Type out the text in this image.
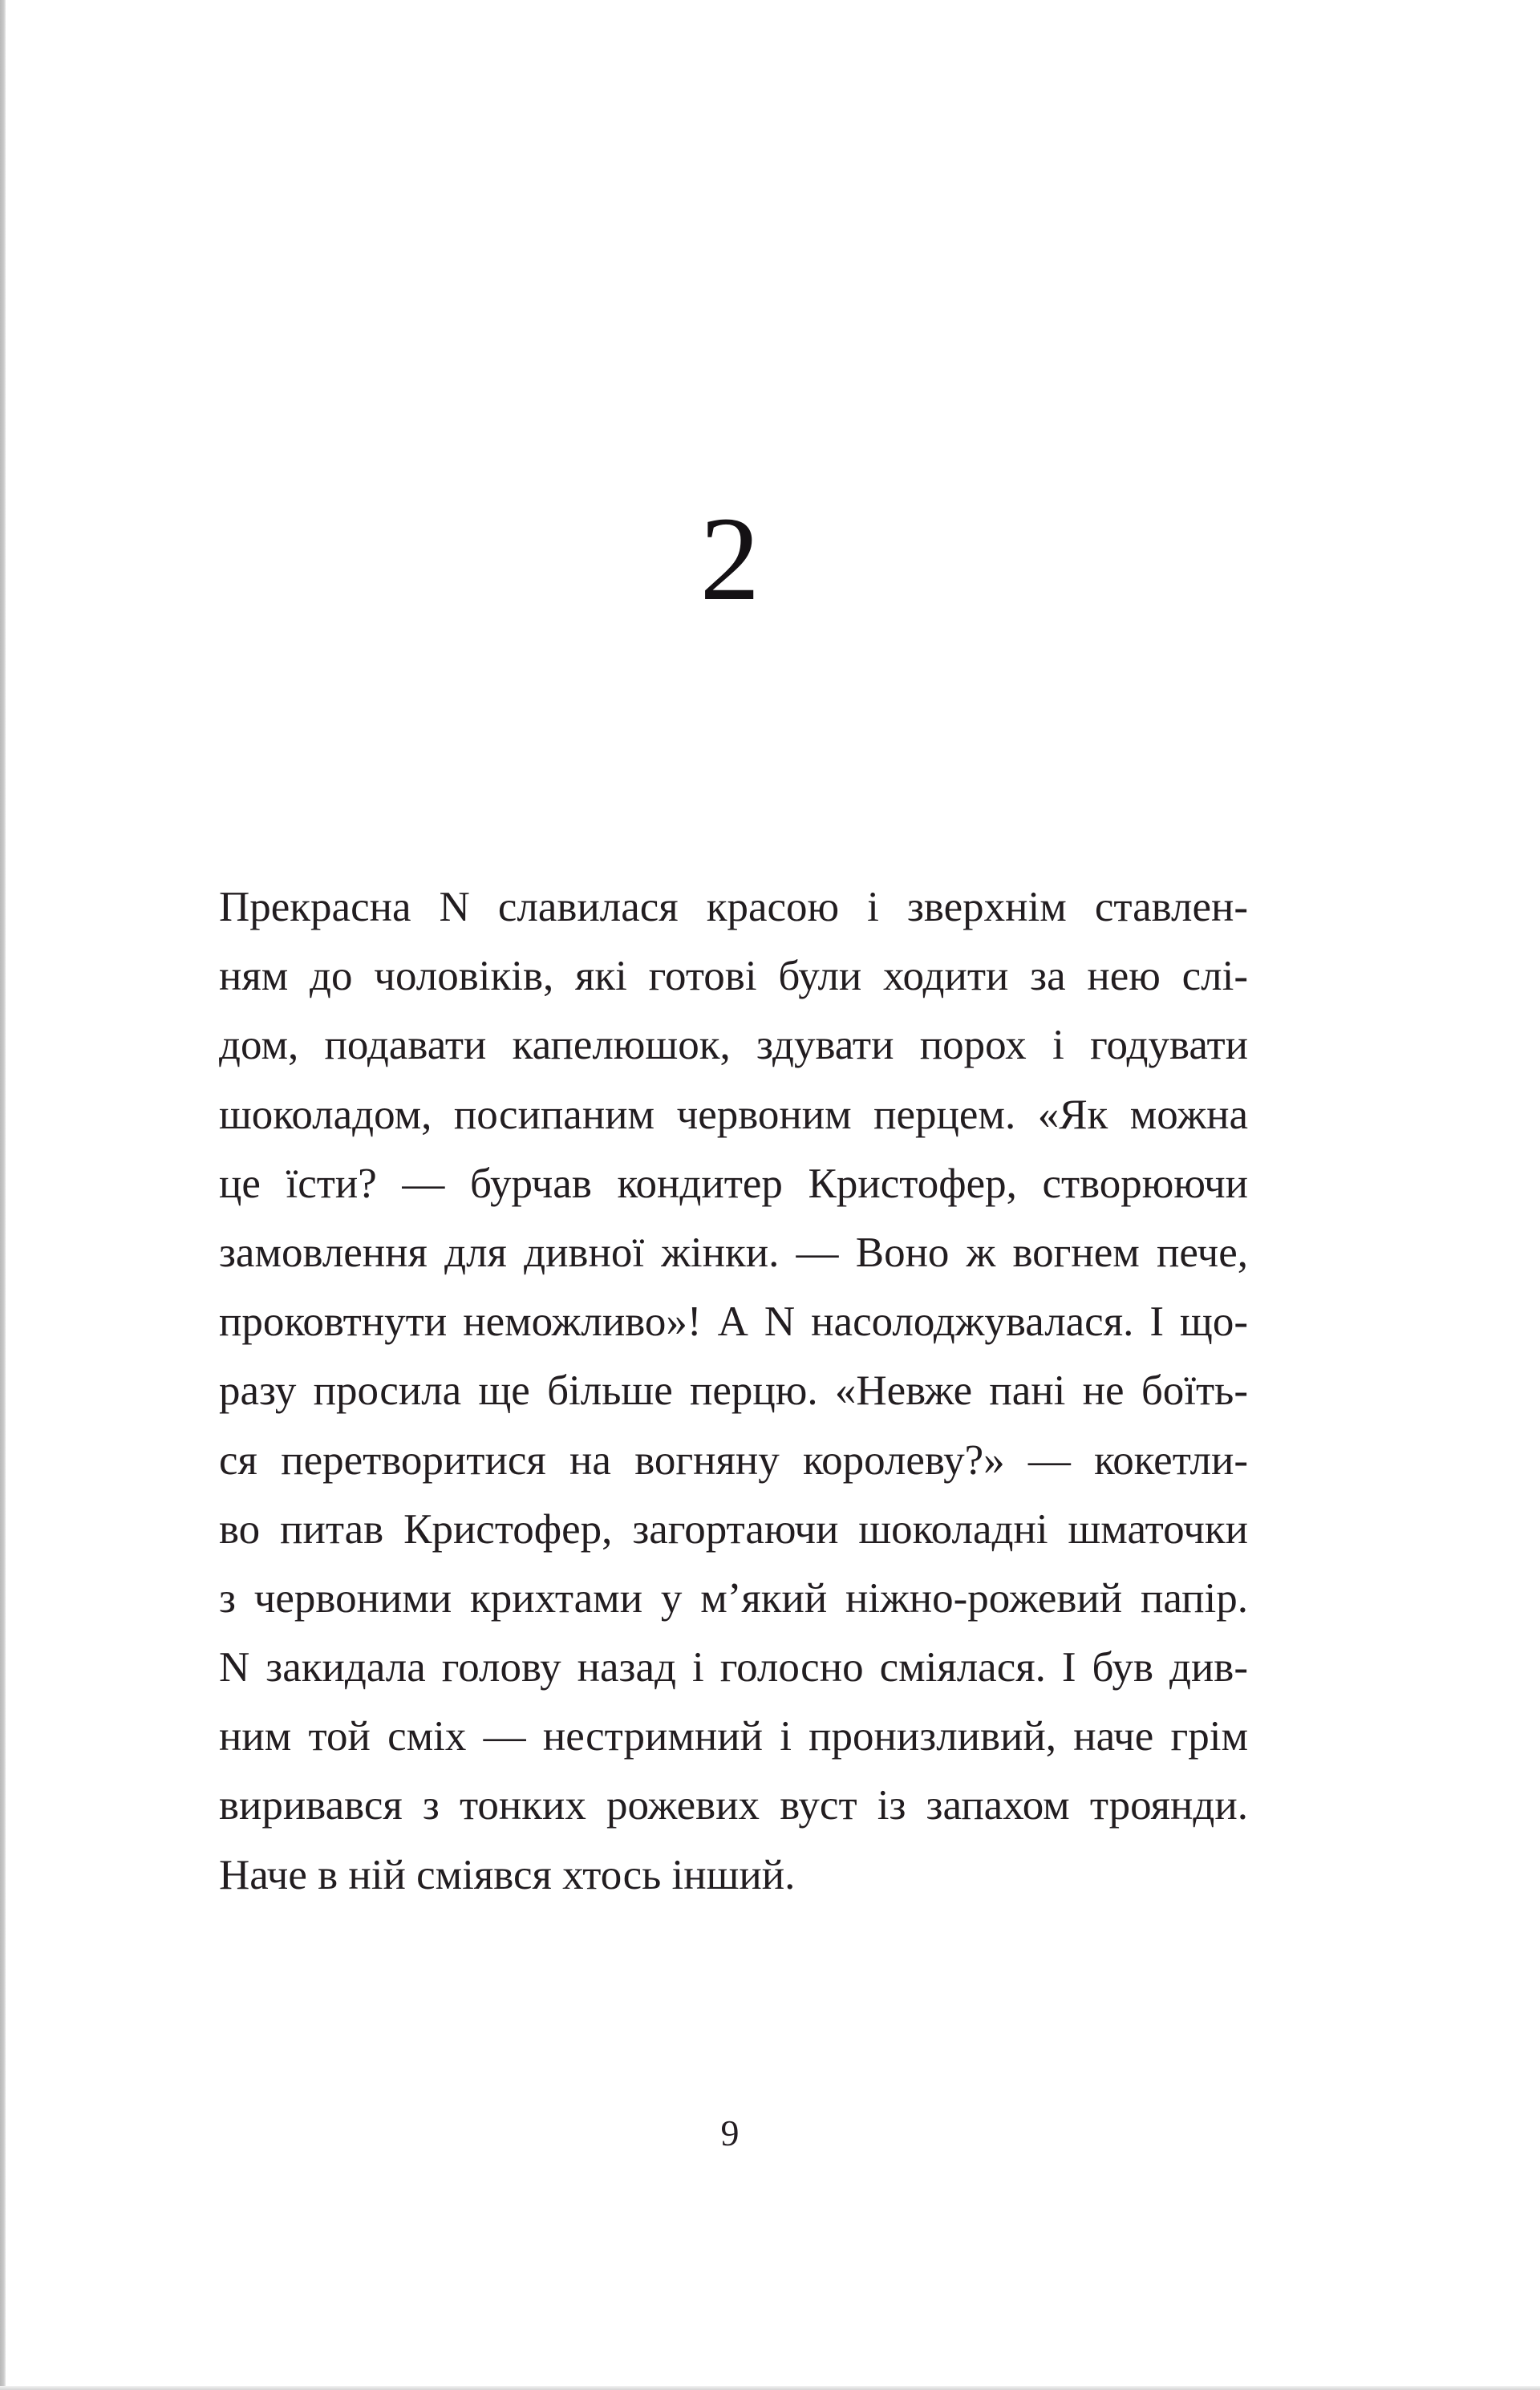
2
Прекрасна N славилася красою і зверхнім ставлен-
ням до чоловіків, які готові були ходити за нею слі-
дом, подавати капелюшок, здувати порох і годувати
шоколадом, посипаним червоним перцем. «Як можна
це їсти? — бурчав кондитер Кристофер, створюючи
замовлення для дивної жінки. — Воно ж вогнем пече,
проковтнути неможливо»! А N насолоджувалася. І що-
разу просила ще більше перцю. «Невже пані не боїть-
ся перетворитися на вогняну королеву?» — кокетли-
во питав Кристофер, загортаючи шоколадні шматочки
з червоними крихтами у м’який ніжно-рожевий папір.
N закидала голову назад і голосно сміялася. І був див-
ним той сміх — нестримний і пронизливий, наче грім
виривався з тонких рожевих вуст із запахом троянди.
Наче в ній сміявся хтось інший.
9
